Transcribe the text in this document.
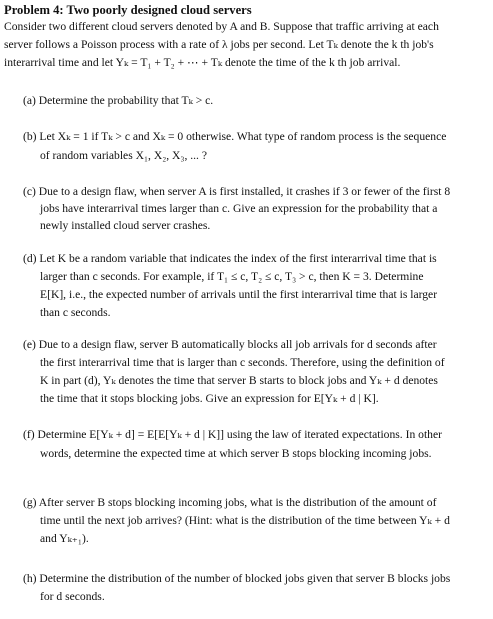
Problem 4: Two poorly designed cloud servers
Consider two different cloud servers denoted by A and B. Suppose that traffic arriving at each
server follows a Poisson process with a rate of λ jobs per second. Let Tₖ denote the k th job's
interarrival time and let Yₖ = T₁ + T₂ + ⋯ + Tₖ denote the time of the k th job arrival.
(a) Determine the probability that Tₖ > c.
(b) Let Xₖ = 1 if Tₖ > c and Xₖ = 0 otherwise. What type of random process is the sequence
of random variables X₁, X₂, X₃, ... ?
(c) Due to a design flaw, when server A is first installed, it crashes if 3 or fewer of the first 8
jobs have interarrival times larger than c. Give an expression for the probability that a
newly installed cloud server crashes.
(d) Let K be a random variable that indicates the index of the first interarrival time that is
larger than c seconds. For example, if T₁ ≤ c, T₂ ≤ c, T₃ > c, then K = 3. Determine
E[K], i.e., the expected number of arrivals until the first interarrival time that is larger
than c seconds.
(e) Due to a design flaw, server B automatically blocks all job arrivals for d seconds after
the first interarrival time that is larger than c seconds. Therefore, using the definition of
K in part (d), Yₖ denotes the time that server B starts to block jobs and Yₖ + d denotes
the time that it stops blocking jobs. Give an expression for E[Yₖ + d | K].
(f) Determine E[Yₖ + d] = E[E[Yₖ + d | K]] using the law of iterated expectations. In other
words, determine the expected time at which server B stops blocking incoming jobs.
(g) After server B stops blocking incoming jobs, what is the distribution of the amount of
time until the next job arrives? (Hint: what is the distribution of the time between Yₖ + d
and Yₖ₊₁).
(h) Determine the distribution of the number of blocked jobs given that server B blocks jobs
for d seconds.
